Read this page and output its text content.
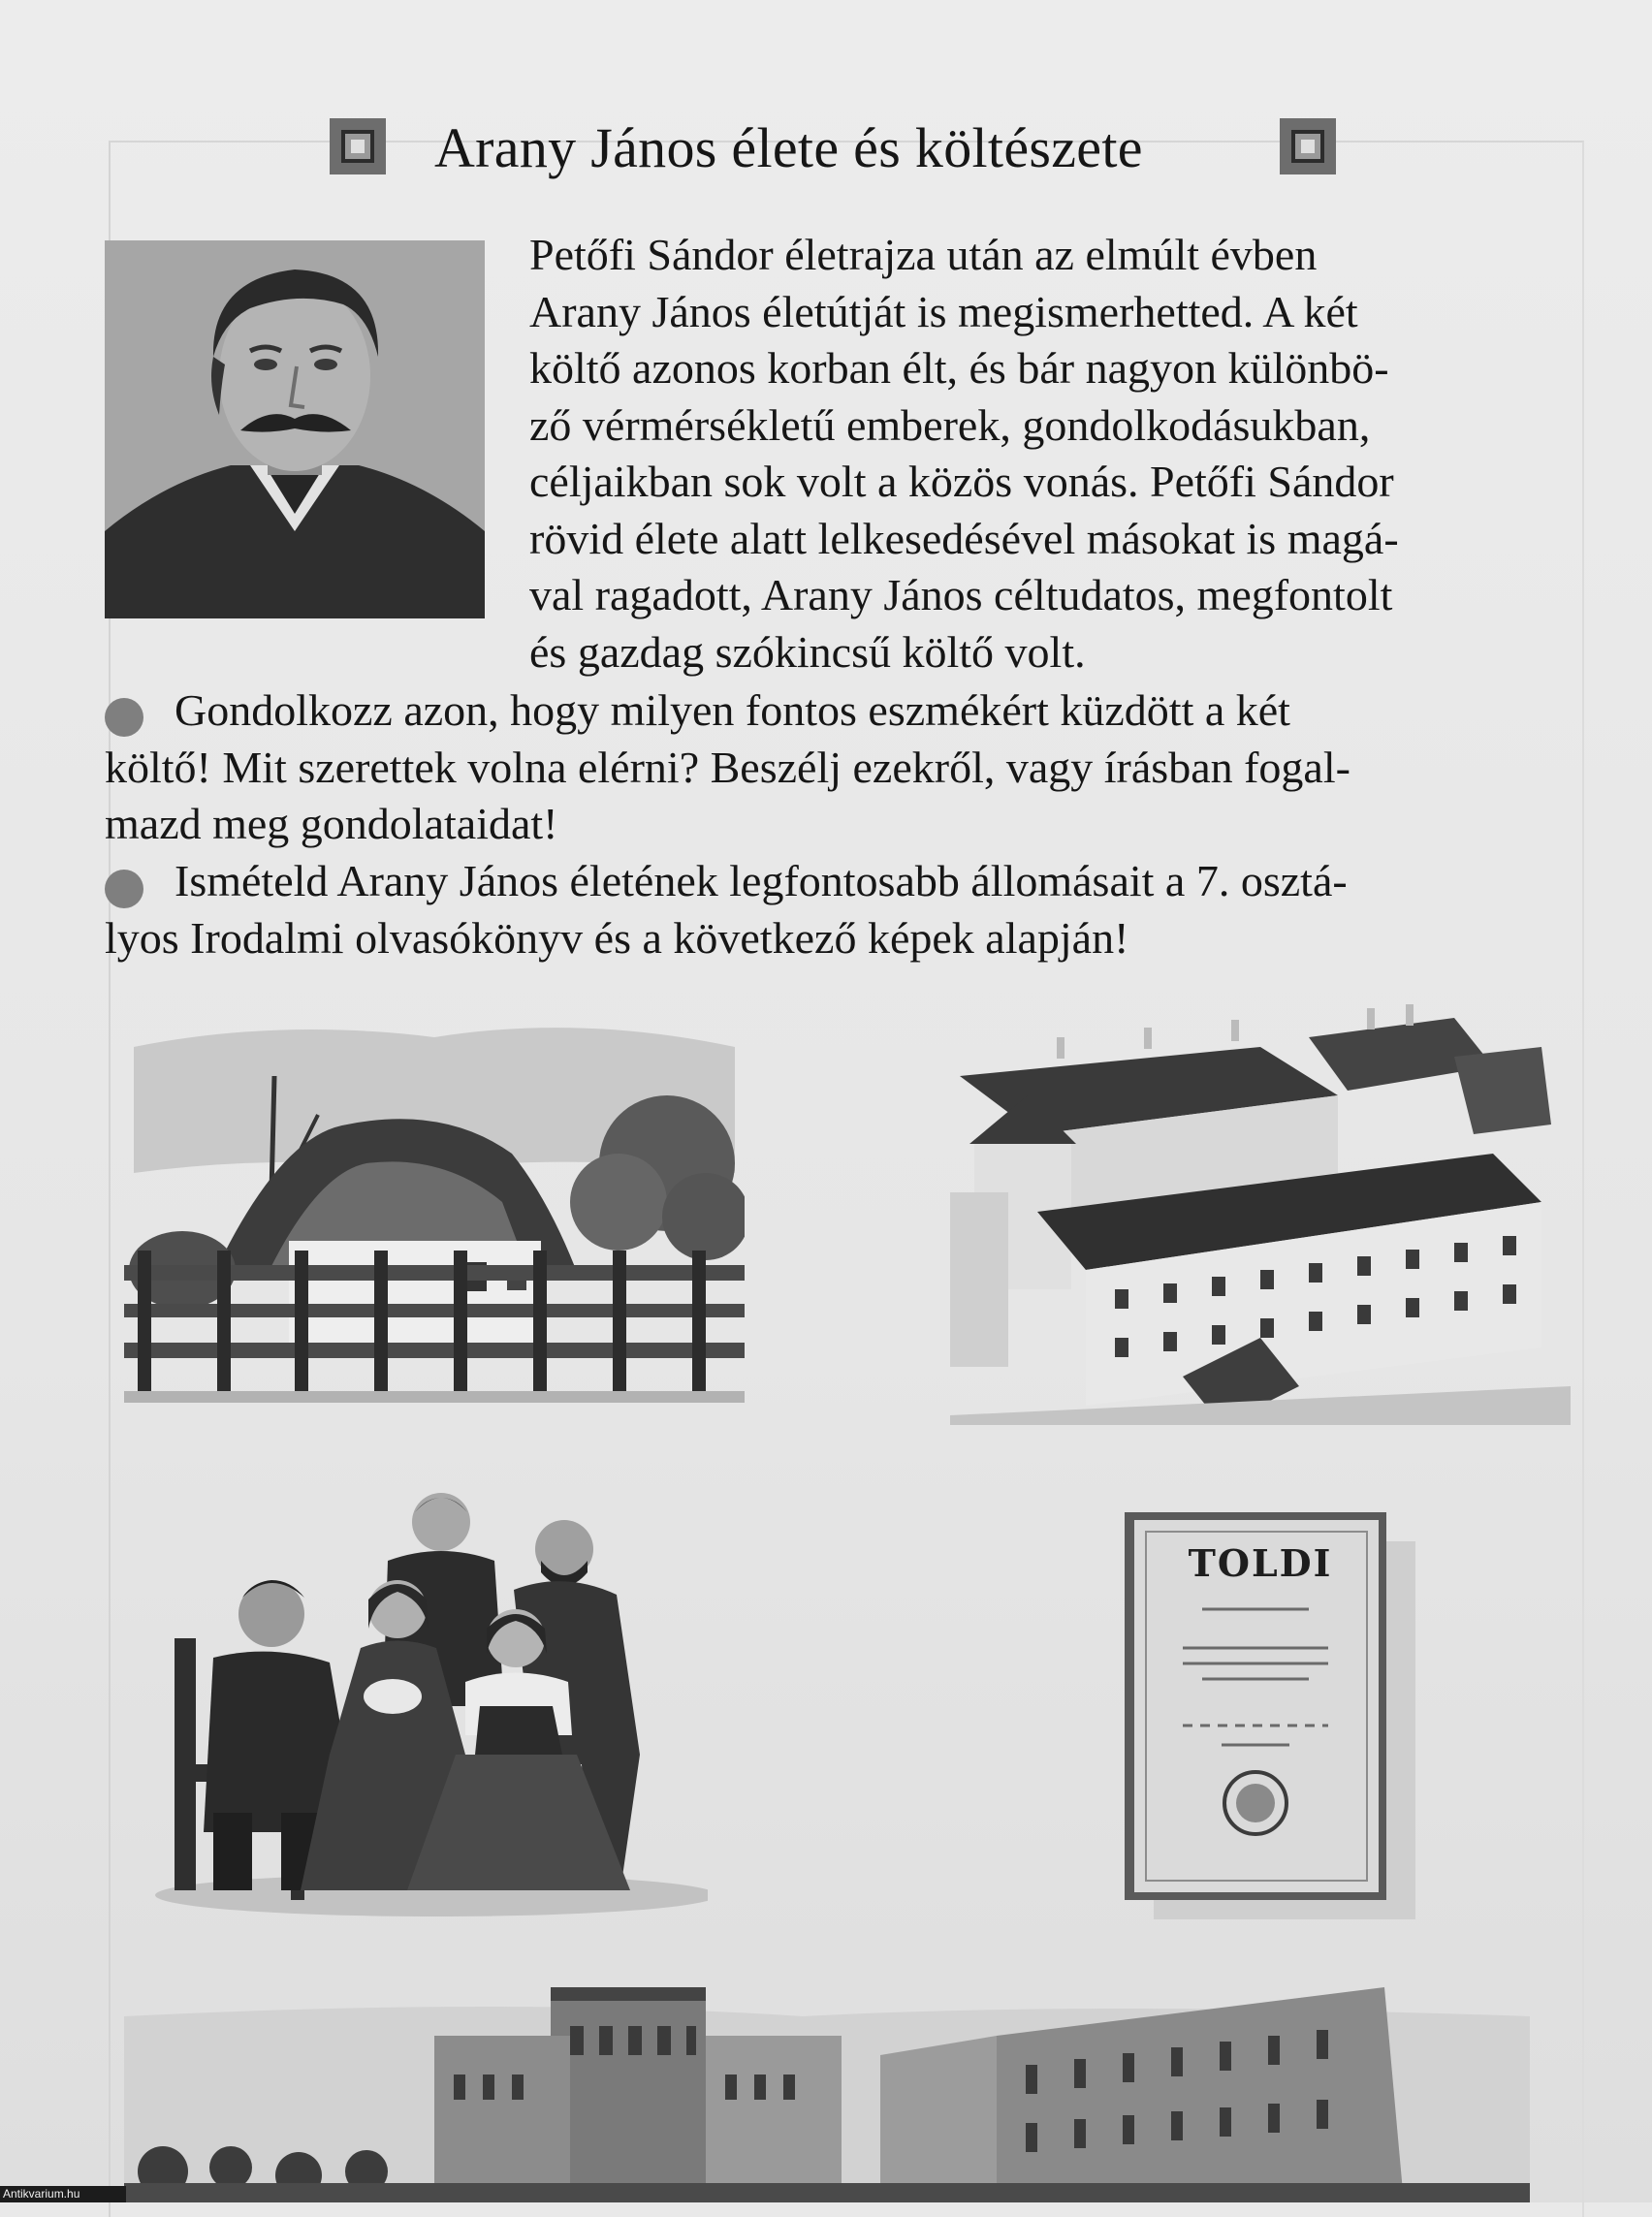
Arany János élete és költészete
Petőfi Sándor életrajza után az elmúlt évben
Arany János életútját is megismerhetted. A két
költő azonos korban élt, és bár nagyon különbö-
ző vérmérsékletű emberek, gondolkodásukban,
céljaikban sok volt a közös vonás. Petőfi Sándor
rövid élete alatt lelkesedésével másokat is magá-
val ragadott, Arany János céltudatos, megfontolt
és gazdag szókincsű költő volt.
Gondolkozz azon, hogy milyen fontos eszmékért küzdött a két
költő! Mit szerettek volna elérni? Beszélj ezekről, vagy írásban fogal-
mazd meg gondolataidat!
Ismételd Arany János életének legfontosabb állomásait a 7. osztá-
lyos Irodalmi olvasókönyv és a következő képek alapján!
TOLDI
Antikvarium.hu
